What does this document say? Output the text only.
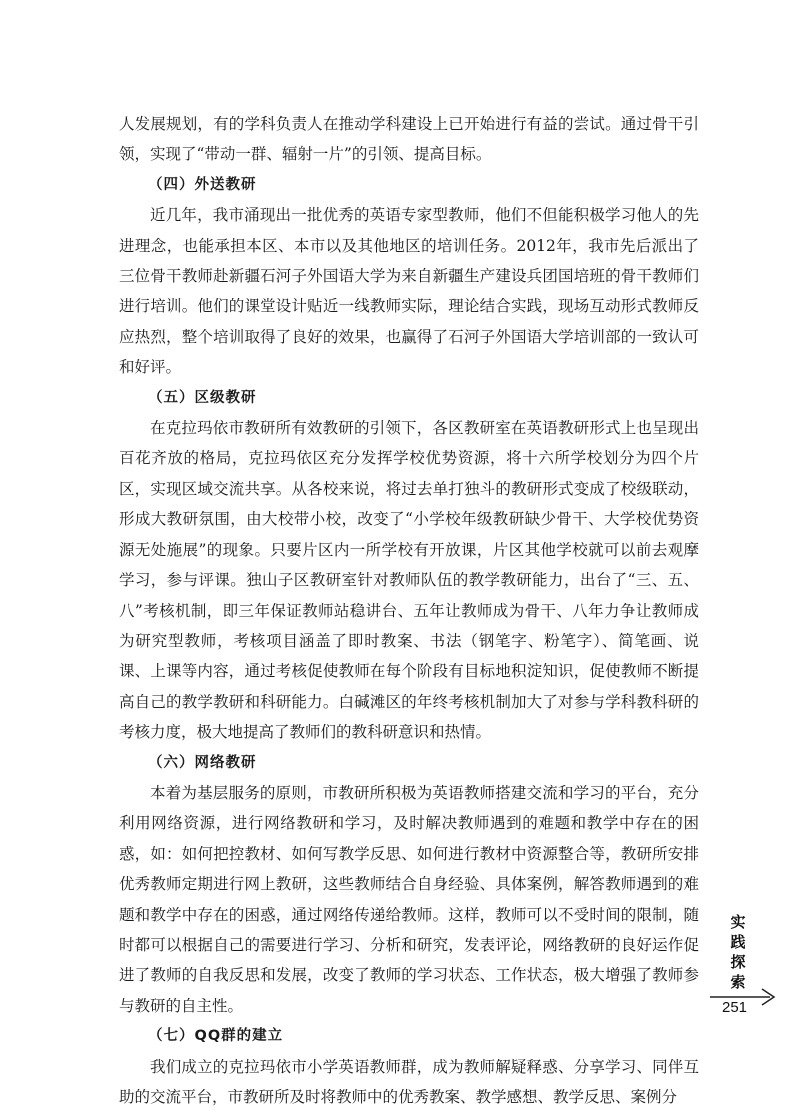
人发展规划，有的学科负责人在推动学科建设上已开始进行有益的尝试。通过骨干引领，实现了“带动一群、辐射一片”的引领、提高目标。

（四）外送教研

近几年，我市涌现出一批优秀的英语专家型教师，他们不但能积极学习他人的先进理念，也能承担本区、本市以及其他地区的培训任务。2012年，我市先后派出了三位骨干教师赴新疆石河子外国语大学为来自新疆生产建设兵团国培班的骨干教师们进行培训。他们的课堂设计贴近一线教师实际，理论结合实践，现场互动形式教师反应热烈，整个培训取得了良好的效果，也赢得了石河子外国语大学培训部的一致认可和好评。

（五）区级教研

在克拉玛依市教研所有效教研的引领下，各区教研室在英语教研形式上也呈现出百花齐放的格局，克拉玛依区充分发挥学校优势资源，将十六所学校划分为四个片区，实现区域交流共享。从各校来说，将过去单打独斗的教研形式变成了校级联动，形成大教研氛围，由大校带小校，改变了“小学校年级教研缺少骨干、大学校优势资源无处施展”的现象。只要片区内一所学校有开放课，片区其他学校就可以前去观摩学习，参与评课。独山子区教研室针对教师队伍的教学教研能力，出台了“三、五、八”考核机制，即三年保证教师站稳讲台、五年让教师成为骨干、八年力争让教师成为研究型教师，考核项目涵盖了即时教案、书法（钢笔字、粉笔字）、简笔画、说课、上课等内容，通过考核促使教师在每个阶段有目标地积淀知识，促使教师不断提高自己的教学教研和科研能力。白碱滩区的年终考核机制加大了对参与学科教科研的考核力度，极大地提高了教师们的教科研意识和热情。

（六）网络教研

本着为基层服务的原则，市教研所积极为英语教师搭建交流和学习的平台，充分利用网络资源，进行网络教研和学习，及时解决教师遇到的难题和教学中存在的困惑，如：如何把控教材、如何写教学反思、如何进行教材中资源整合等，教研所安排优秀教师定期进行网上教研，这些教师结合自身经验、具体案例，解答教师遇到的难题和教学中存在的困惑，通过网络传递给教师。这样，教师可以不受时间的限制，随时都可以根据自己的需要进行学习、分析和研究，发表评论，网络教研的良好运作促进了教师的自我反思和发展，改变了教师的学习状态、工作状态，极大增强了教师参与教研的自主性。

（七）QQ群的建立

我们成立的克拉玛依市小学英语教师群，成为教师解疑释惑、分享学习、同伴互助的交流平台，市教研所及时将教师中的优秀教案、教学感想、教学反思、案例分

实
践
探
索
251
